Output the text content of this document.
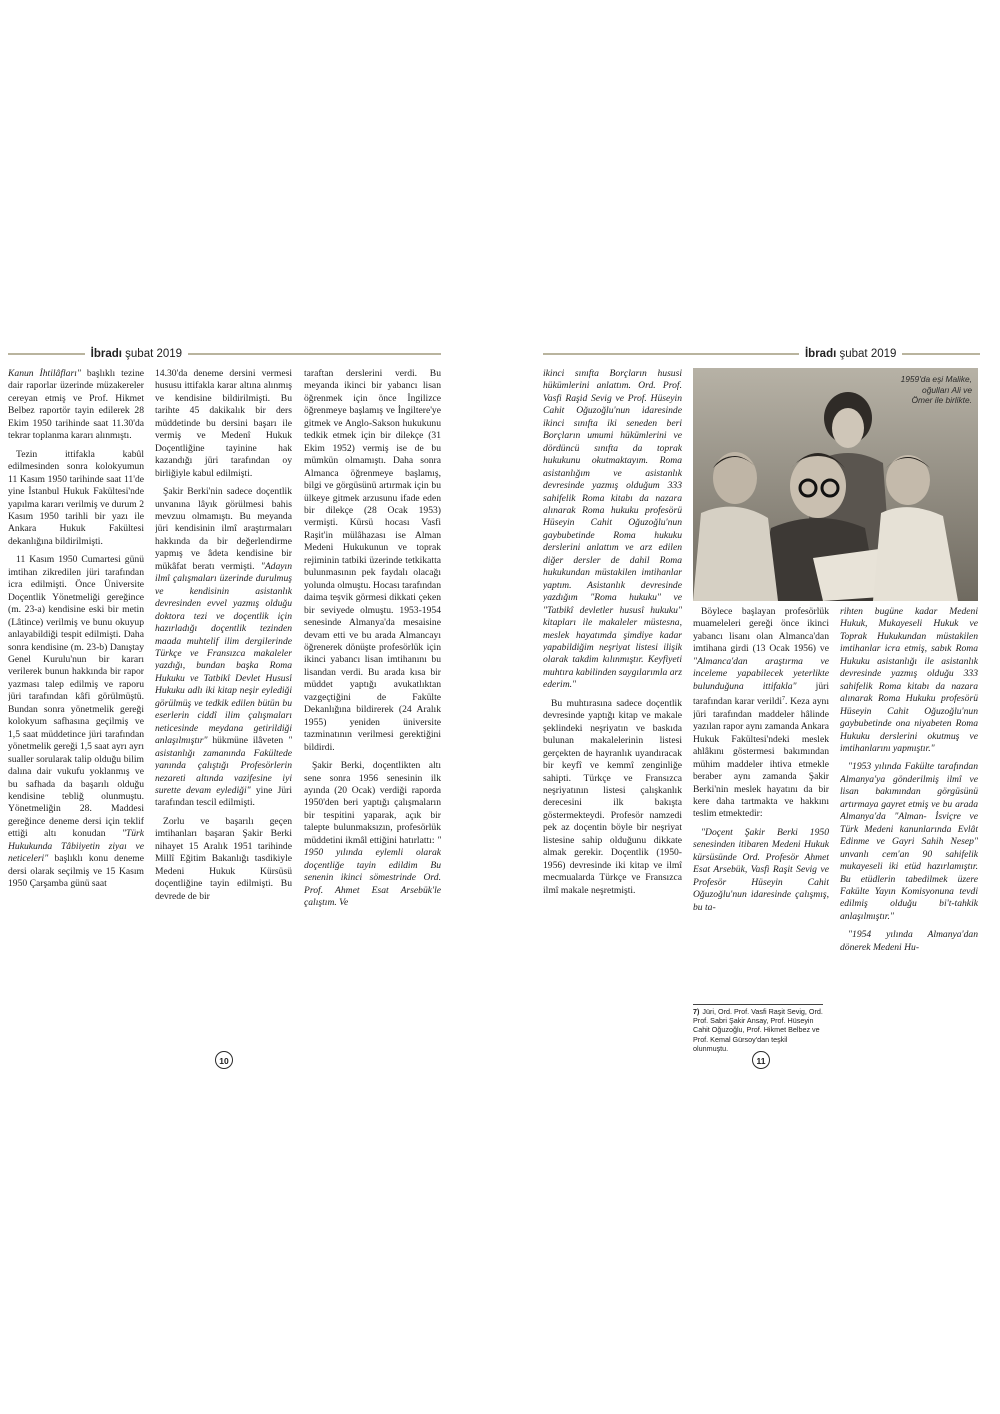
İbradı şubat 2019	İbradı şubat 2019

Kanun İhtilâfları" başlıklı tezine dair raporlar üzerinde müzakereler cereyan etmiş ve Prof. Hikmet Belbez raportör tayin edilerek 28 Ekim 1950 tarihinde saat 11.30'da tekrar toplanma kararı alınmıştı.

Tezin ittifakla kabûl edilmesinden sonra kolokyumun 11 Kasım 1950 tarihinde saat 11'de yine İstanbul Hukuk Fakültesi'nde yapılma kararı verilmiş ve durum 2 Kasım 1950 tarihli bir yazı ile Ankara Hukuk Fakültesi dekanlığına bildirilmişti.

11 Kasım 1950 Cumartesi günü imtihan zikredilen jüri tarafından icra edilmişti. Önce Üniversite Doçentlik Yönetmeliği gereğince (m. 23-a) kendisine eski bir metin (Lâtince) verilmiş ve bunu okuyup anlayabildiği tespit edilmişti. Daha sonra kendisine (m. 23-b) Danıştay Genel Kurulu'nun bir kararı verilerek bunun hakkında bir rapor yazması talep edilmiş ve raporu jüri tarafından kâfi görülmüştü. Bundan sonra yönetmelik gereği kolokyum safhasına geçilmiş ve 1,5 saat müddetince jüri tarafından yönetmelik gereği 1,5 saat ayrı ayrı sualler sorularak talip olduğu bilim dalına dair vukufu yoklanmış ve bu safhada da başarılı olduğu kendisine tebliğ olunmuştu. Yönetmeliğin 28. Maddesi gereğince deneme dersi için teklif ettiği altı konudan "Türk Hukukunda Tâbiiyetin ziyaı ve neticeleri" başlıklı konu deneme dersi olarak seçilmiş ve 15 Kasım 1950 Çarşamba günü saat

14.30'da deneme dersini vermesi hususu ittifakla karar altına alınmış ve kendisine bildirilmişti. Bu tarihte 45 dakikalık bir ders müddetinde bu dersini başarı ile vermiş ve Medenî Hukuk Doçentliğine tayinine hak kazandığı jüri tarafından oy birliğiyle kabul edilmişti.

Şakir Berki'nin sadece doçentlik unvanına lâyık görülmesi bahis mevzuu olmamıştı. Bu meyanda jüri kendisinin ilmî araştırmaları hakkında da bir değerlendirme yapmış ve âdeta kendisine bir mükâfat beratı vermişti. "Adayın ilmî çalışmaları üzerinde durulmuş ve kendisinin asistanlık devresinden evvel yazmış olduğu doktora tezi ve doçentlik için hazırladığı doçentlik tezinden maada muhtelif ilim dergilerinde Türkçe ve Fransızca makaleler yazdığı, bundan başka Roma Hukuku ve Tatbikî Devlet Hususî Hukuku adlı iki kitap neşir eylediği görülmüş ve tedkik edilen bütün bu eserlerin ciddî ilim çalışmaları neticesinde meydana getirildiği anlaşılmıştır" hükmüne ilâveten " asistanlığı zamanında Fakültede yanında çalıştığı Profesörlerin nezareti altında vazifesine iyi surette devam eylediği" yine Jüri tarafından tescil edilmişti.

Zorlu ve başarılı geçen imtihanları başaran Şakir Berki nihayet 15 Aralık 1951 tarihinde Millî Eğitim Bakanlığı tasdikiyle Medeni Hukuk Kürsüsü doçentliğine tayin edilmişti. Bu devrede de bir

taraftan derslerini verdi. Bu meyanda ikinci bir yabancı lisan öğrenmek için önce İngilizce öğrenmeye başlamış ve İngiltere'ye gitmek ve Anglo-Sakson hukukunu tedkik etmek için bir dilekçe (31 Ekim 1952) vermiş ise de bu mümkün olmamıştı. Daha sonra Almanca öğrenmeye başlamış, bilgi ve görgüsünü artırmak için bu ülkeye gitmek arzusunu ifade eden bir dilekçe (28 Ocak 1953) vermişti. Kürsü hocası Vasfi Raşit'in mülâhazası ise Alman Medeni Hukukunun ve toprak rejiminin tatbiki üzerinde tetkikatta bulunmasının pek faydalı olacağı yolunda olmuştu. Hocası tarafından daima teşvik görmesi dikkati çeken bir seviyede olmuştu. 1953-1954 senesinde Almanya'da mesaisine devam etti ve bu arada Almancayı öğrenerek dönüşte profesörlük için ikinci yabancı lisan imtihanını bu lisandan verdi. Bu arada kısa bir müddet yaptığı avukatlıktan vazgeçtiğini de Fakülte Dekanlığına bildirerek (24 Aralık 1955) yeniden üniversite tazminatının verilmesi gerektiğini bildirdi.

Şakir Berki, doçentlikten altı sene sonra 1956 senesinin ilk ayında (20 Ocak) verdiği raporda 1950'den beri yaptığı çalışmaların bir tespitini yaparak, açık bir talepte bulunmaksızın, profesörlük müddetini ikmâl ettiğini hatırlattı: " 1950 yılında eylemli olarak doçentliğe tayin edildim Bu senenin ikinci sömestrinde Ord. Prof. Ahmet Esat Arsebük'le çalıştım. Ve

10

ikinci sınıfta Borçların hususi hükümlerini anlattım. Ord. Prof. Vasfi Raşid Sevig ve Prof. Hüseyin Cahit Oğuzoğlu'nun idaresinde ikinci sınıfta iki seneden beri Borçların umumi hükümlerini ve dördüncü sınıfta da toprak hukukunu okutmaktayım. Roma asistanlığım ve asistanlık devresinde yazmış olduğum 333 sahifelik Roma kitabı da nazara alınarak Roma hukuku profesörü Hüseyin Cahit Oğuzoğlu'nun gaybubetinde Roma hukuku derslerini anlattım ve arz edilen diğer dersler de dahil Roma hukukundan müstakilen imtihanlar yaptım. Asistanlık devresinde yazdığım "Roma hukuku" ve "Tatbikî devletler hususî hukuku" kitapları ile makaleler müstesna, meslek hayatımda şimdiye kadar yapabildiğim neşriyat listesi ilişik olarak takdim kılınmıştır. Keyfiyeti muhtıra kabilinden saygılarımla arz ederim."

Bu muhtırasına sadece doçentlik devresinde yaptığı kitap ve makale şeklindeki neşriyatın ve baskıda bulunan makalelerinin listesi gerçekten de hayranlık uyandıracak bir keyfî ve kemmî zenginliğe sahipti. Türkçe ve Fransızca neşriyatının listesi çalışkanlık derecesini ilk bakışta göstermekteydi. Profesör namzedi pek az doçentin böyle bir neşriyat listesine sahip olduğunu dikkate almak gerekir. Doçentlik (1950-1956) devresinde iki kitap ve ilmî mecmualarda Türkçe ve Fransızca ilmî makale neşretmişti.

1959'da eşi Malike,
oğulları Ali ve
Ömer ile birlikte.

Böylece başlayan profesörlük muameleleri gereği önce ikinci yabancı lisanı olan Almanca'dan imtihana girdi (13 Ocak 1956) ve "Almanca'dan araştırma ve inceleme yapabilecek yeterlikte bulunduğuna ittifakla" jüri tarafından karar verildi$^7$. Keza aynı jüri tarafından maddeler hâlinde yazılan rapor aynı zamanda Ankara Hukuk Fakültesi'ndeki meslek ahlâkını göstermesi bakımından mühim maddeler ihtiva etmekle beraber aynı zamanda Şakir Berki'nin meslek hayatını da bir kere daha tartmakta ve hakkını teslim etmektedir:

"Doçent Şakir Berki 1950 senesinden itibaren Medeni Hukuk kürsüsünde Ord. Profesör Ahmet Esat Arsebük, Vasfi Raşit Sevig ve Profesör Hüseyin Cahit Oğuzoğlu'nun idaresinde çalışmış, bu ta-

7) Jüri, Ord. Prof. Vasfi Raşit Sevig, Ord. Prof. Sabri Şakir Ansay, Prof. Hüseyin Cahit Oğuzoğlu, Prof. Hikmet Belbez ve Prof. Kemal Gürsoy'dan teşkil olunmuştu.

rihten bugüne kadar Medeni Hukuk, Mukayeseli Hukuk ve Toprak Hukukundan müstakilen imtihanlar icra etmiş, sabık Roma Hukuku asistanlığı ile asistanlık devresinde yazmış olduğu 333 sahifelik Roma kitabı da nazara alınarak Roma Hukuku profesörü Hüseyin Cahit Oğuzoğlu'nun gaybubetinde ona niyabeten Roma Hukuku derslerini okutmuş ve imtihanlarını yapmıştır."

"1953 yılında Fakülte tarafından Almanya'ya gönderilmiş ilmî ve lisan bakımından görgüsünü artırmaya gayret etmiş ve bu arada Almanya'da "Alman- İsviçre ve Türk Medeni kanunlarında Evlât Edinme ve Gayri Sahih Nesep" unvanlı cem'an 90 sahifelik mukayeseli iki etüd hazırlamıştır. Bu etüdlerin tabedilmek üzere Fakülte Yayın Komisyonuna tevdi edilmiş olduğu bi't-tahkik anlaşılmıştır."

"1954 yılında Almanya'dan dönerek Medeni Hu-

11
